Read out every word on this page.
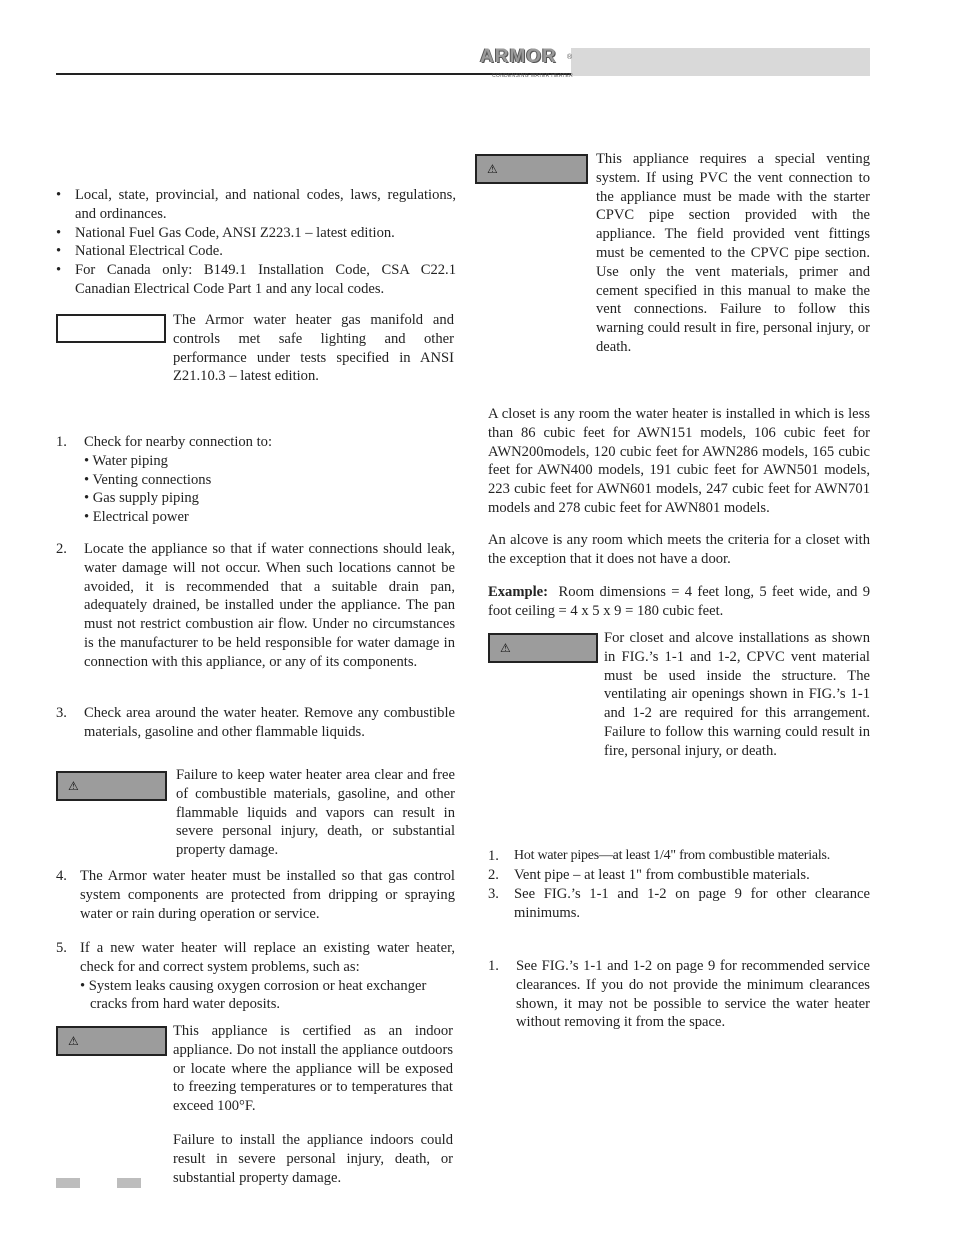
ARMOR ®
CONDENSING WATER HEATER
• Local, state, provincial, and national codes, laws, regulations, and ordinances.
• National Fuel Gas Code, ANSI Z223.1 – latest edition.
• National Electrical Code.
• For Canada only: B149.1 Installation Code, CSA C22.1 Canadian Electrical Code Part 1 and any local codes.
The Armor water heater gas manifold and controls met safe lighting and other performance under tests specified in ANSI Z21.10.3 – latest edition.
1. Check for nearby connection to:
• Water piping
• Venting connections
• Gas supply piping
• Electrical power
2.	Locate the appliance so that if water connections should leak, water damage will not occur. When such locations cannot be avoided, it is recommended that a suitable drain pan, adequately drained, be installed under the appliance. The pan must not restrict combustion air flow. Under no circumstances is the manufacturer to be held responsible for water damage in connection with this appliance, or any of its components.
3.	Check area around the water heater. Remove any combustible materials, gasoline and other flammable liquids.
⚠
Failure to keep water heater area clear and free of combustible materials, gasoline, and other flammable liquids and vapors can result in severe personal injury, death, or substantial property damage.
4. The Armor water heater must be installed so that gas control system components are protected from dripping or spraying water or rain during operation or service.
5. If a new water heater will replace an existing water heater, check for and correct system problems, such as:
• System leaks causing oxygen corrosion or heat exchanger cracks from hard water deposits.
⚠
This appliance is certified as an indoor appliance. Do not install the appliance outdoors or locate where the appliance will be exposed to freezing temperatures or to temperatures that exceed 100°F.
Failure to install the appliance indoors could result in severe personal injury, death, or substantial property damage.
⚠
This appliance requires a special venting system. If using PVC the vent connection to the appliance must be made with the starter CPVC pipe section provided with the appliance. The field provided vent fittings must be cemented to the CPVC pipe section. Use only the vent materials, primer and cement specified in this manual to make the vent connections. Failure to follow this warning could result in fire, personal injury, or death.
A closet is any room the water heater is installed in which is less than 86 cubic feet for AWN151 models, 106 cubic feet for AWN200models, 120 cubic feet for AWN286 models, 165 cubic feet for AWN400 models, 191 cubic feet for AWN501 models, 223 cubic feet for AWN601 models, 247 cubic feet for AWN701 models and 278 cubic feet for AWN801 models.
An alcove is any room which meets the criteria for a closet with the exception that it does not have a door.
Example: Room dimensions = 4 feet long, 5 feet wide, and 9 foot ceiling = 4 x 5 x 9 = 180 cubic feet.
⚠
For closet and alcove installations as shown in FIG.’s 1-1 and 1-2, CPVC vent material must be used inside the structure. The ventilating air openings shown in FIG.’s 1-1 and 1-2 are required for this arrangement. Failure to follow this warning could result in fire, personal injury, or death.
1.	Hot water pipes—at least 1/4" from combustible materials.
2.	Vent pipe – at least 1" from combustible materials.
3.	See FIG.’s 1-1 and 1-2 on page 9 for other clearance minimums.
1.	See FIG.’s 1-1 and 1-2 on page 9 for recommended service clearances. If you do not provide the minimum clearances shown, it may not be possible to service the water heater without removing it from the space.
